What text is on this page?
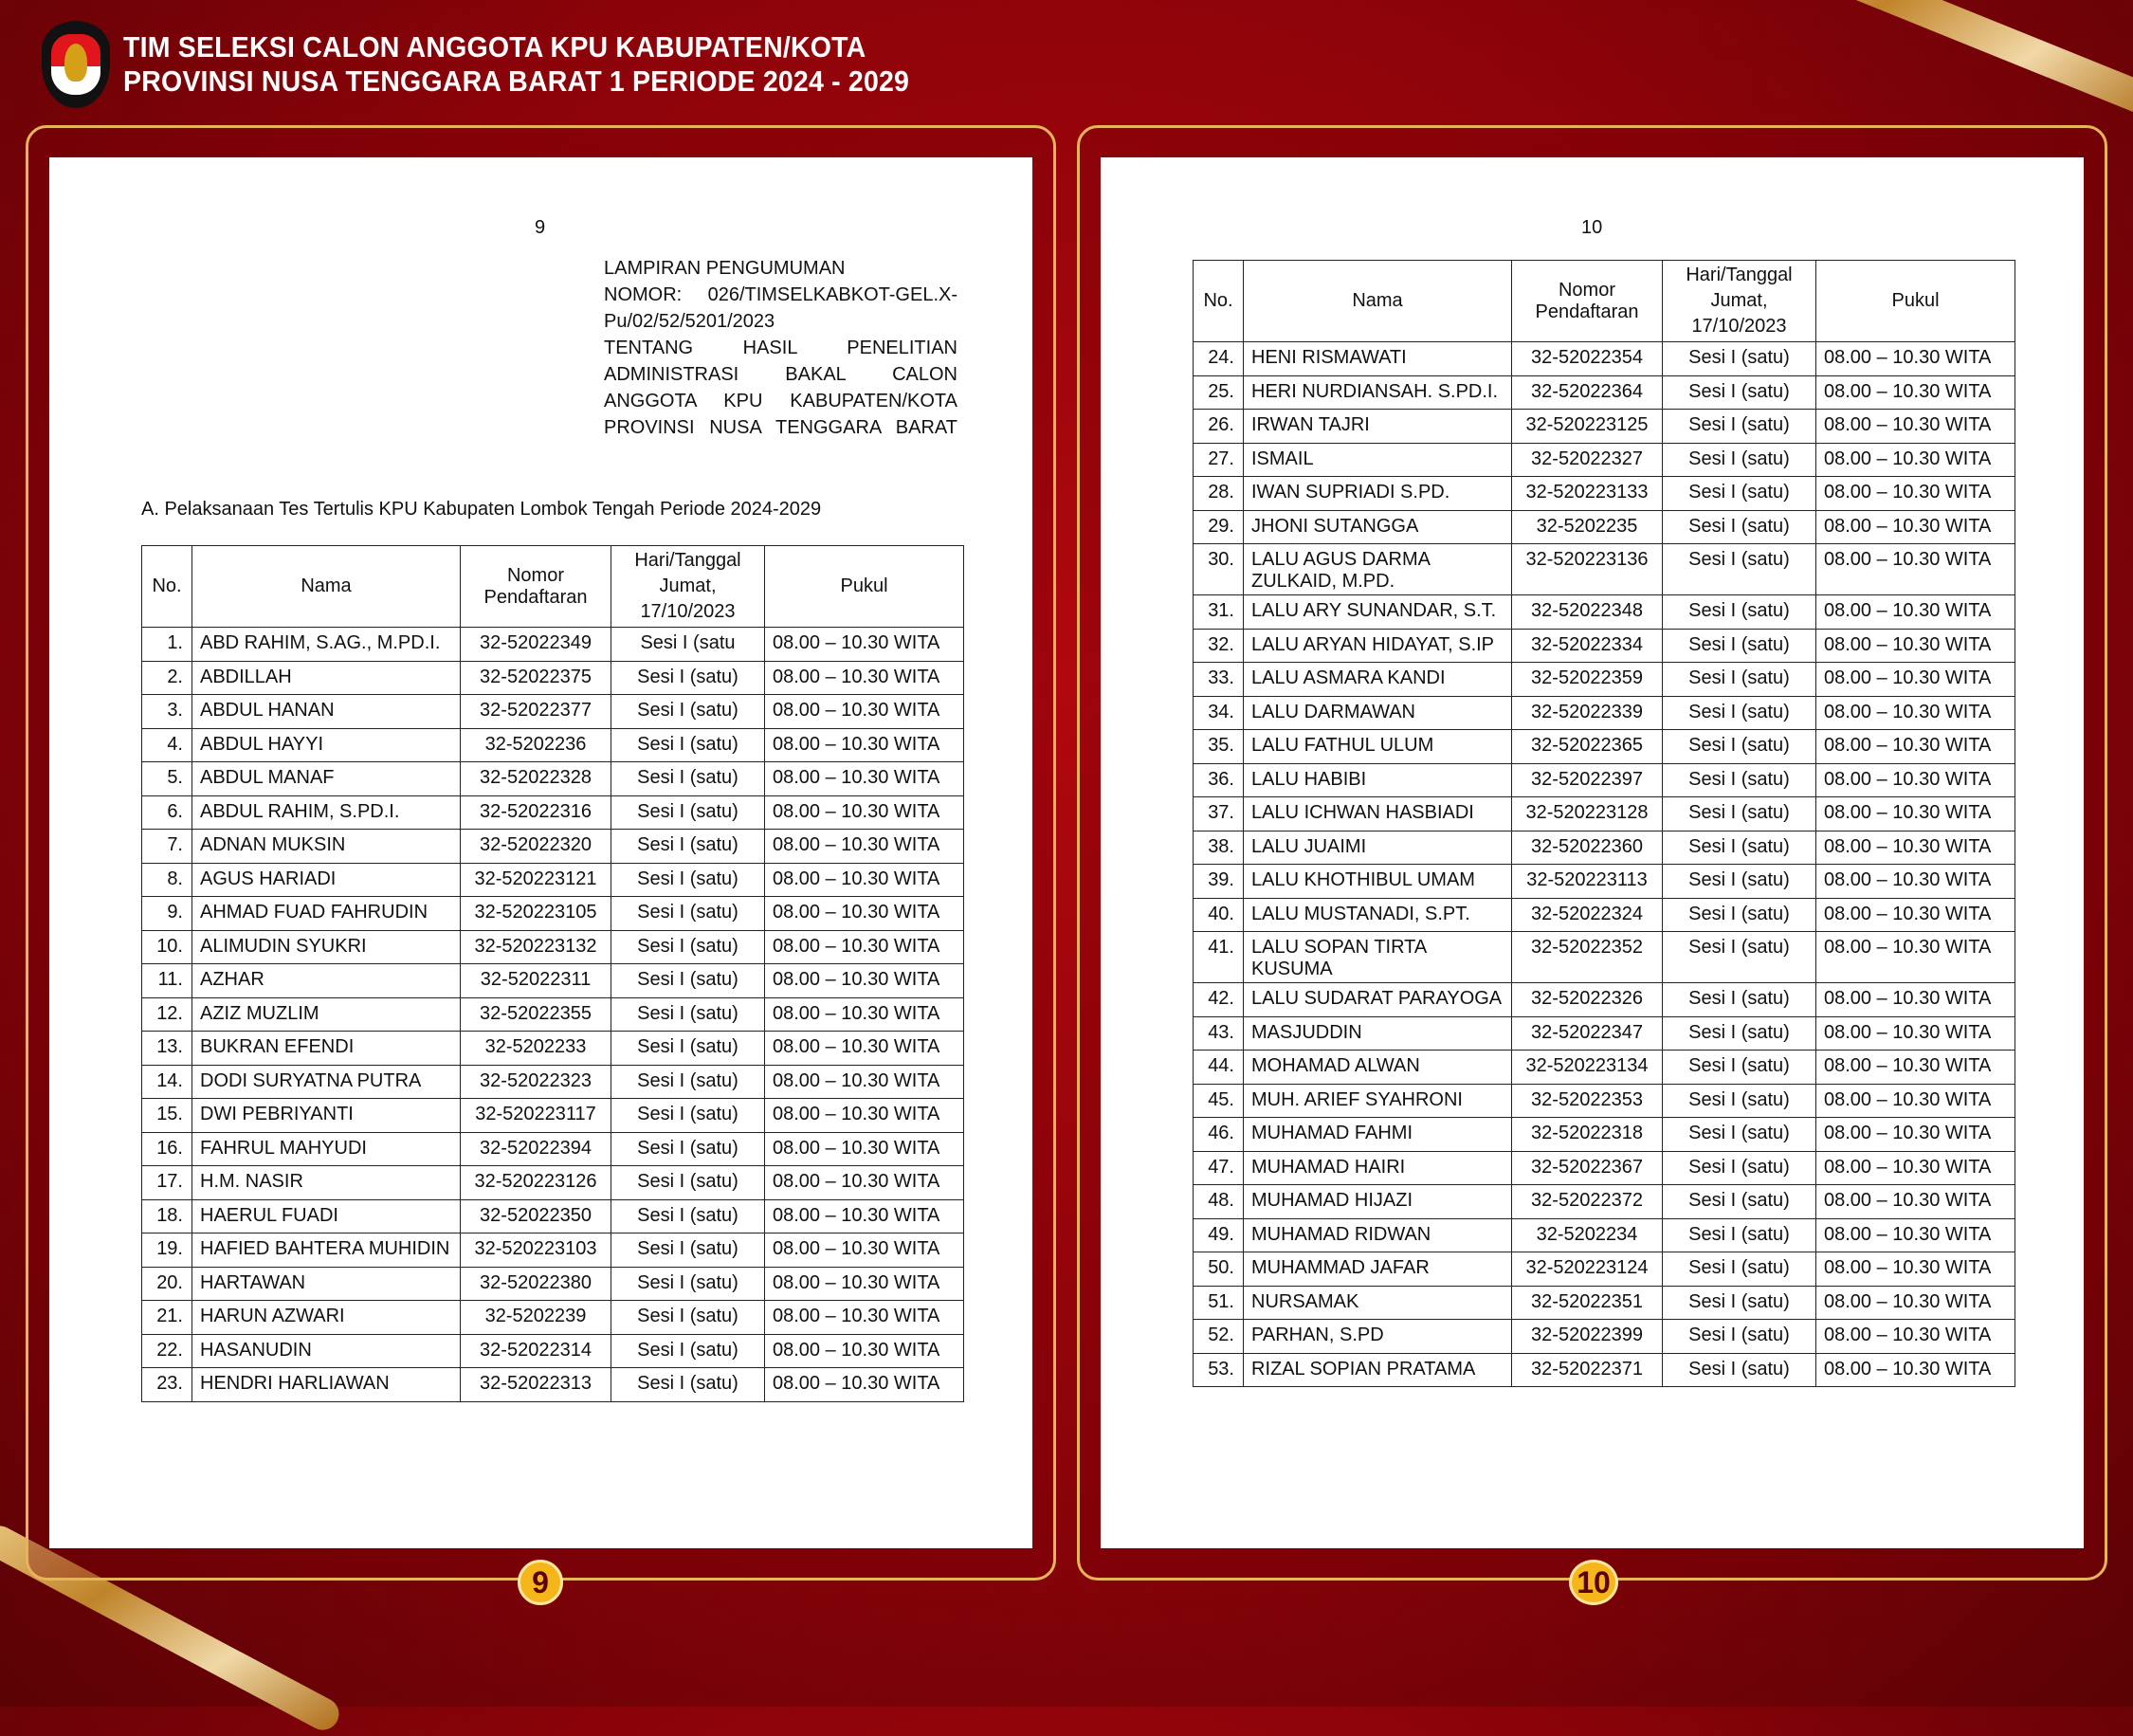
TIM SELEKSI CALON ANGGOTA KPU KABUPATEN/KOTA
PROVINSI NUSA TENGGARA BARAT 1 PERIODE 2024 - 2029
9
LAMPIRAN PENGUMUMAN
NOMOR: 026/TIMSELKABKOT-GEL.X-
Pu/02/52/5201/2023
TENTANG HASIL PENELITIAN
ADMINISTRASI BAKAL CALON
ANGGOTA KPU KABUPATEN/KOTA
PROVINSI NUSA TENGGARA BARAT
A. Pelaksanaan Tes Tertulis KPU Kabupaten Lombok Tengah Periode 2024-2029
No.	Nama	Nomor Pendaftaran	Hari/Tanggal Jumat, 17/10/2023	Pukul
1.	ABD RAHIM, S.AG., M.PD.I.	32-52022349	Sesi I (satu	08.00 – 10.30 WITA
2.	ABDILLAH	32-52022375	Sesi I (satu)	08.00 – 10.30 WITA
3.	ABDUL HANAN	32-52022377	Sesi I (satu)	08.00 – 10.30 WITA
4.	ABDUL HAYYI	32-5202236	Sesi I (satu)	08.00 – 10.30 WITA
5.	ABDUL MANAF	32-52022328	Sesi I (satu)	08.00 – 10.30 WITA
6.	ABDUL RAHIM, S.PD.I.	32-52022316	Sesi I (satu)	08.00 – 10.30 WITA
7.	ADNAN MUKSIN	32-52022320	Sesi I (satu)	08.00 – 10.30 WITA
8.	AGUS HARIADI	32-520223121	Sesi I (satu)	08.00 – 10.30 WITA
9.	AHMAD FUAD FAHRUDIN	32-520223105	Sesi I (satu)	08.00 – 10.30 WITA
10.	ALIMUDIN SYUKRI	32-520223132	Sesi I (satu)	08.00 – 10.30 WITA
11.	AZHAR	32-52022311	Sesi I (satu)	08.00 – 10.30 WITA
12.	AZIZ MUZLIM	32-52022355	Sesi I (satu)	08.00 – 10.30 WITA
13.	BUKRAN EFENDI	32-5202233	Sesi I (satu)	08.00 – 10.30 WITA
14.	DODI SURYATNA PUTRA	32-52022323	Sesi I (satu)	08.00 – 10.30 WITA
15.	DWI PEBRIYANTI	32-520223117	Sesi I (satu)	08.00 – 10.30 WITA
16.	FAHRUL MAHYUDI	32-52022394	Sesi I (satu)	08.00 – 10.30 WITA
17.	H.M. NASIR	32-520223126	Sesi I (satu)	08.00 – 10.30 WITA
18.	HAERUL FUADI	32-52022350	Sesi I (satu)	08.00 – 10.30 WITA
19.	HAFIED BAHTERA MUHIDIN	32-520223103	Sesi I (satu)	08.00 – 10.30 WITA
20.	HARTAWAN	32-52022380	Sesi I (satu)	08.00 – 10.30 WITA
21.	HARUN AZWARI	32-5202239	Sesi I (satu)	08.00 – 10.30 WITA
22.	HASANUDIN	32-52022314	Sesi I (satu)	08.00 – 10.30 WITA
23.	HENDRI HARLIAWAN	32-52022313	Sesi I (satu)	08.00 – 10.30 WITA
10
No.	Nama	Nomor Pendaftaran	Hari/Tanggal Jumat, 17/10/2023	Pukul
24.	HENI RISMAWATI	32-52022354	Sesi I (satu)	08.00 – 10.30 WITA
25.	HERI NURDIANSAH. S.PD.I.	32-52022364	Sesi I (satu)	08.00 – 10.30 WITA
26.	IRWAN TAJRI	32-520223125	Sesi I (satu)	08.00 – 10.30 WITA
27.	ISMAIL	32-52022327	Sesi I (satu)	08.00 – 10.30 WITA
28.	IWAN SUPRIADI S.PD.	32-520223133	Sesi I (satu)	08.00 – 10.30 WITA
29.	JHONI SUTANGGA	32-5202235	Sesi I (satu)	08.00 – 10.30 WITA
30.	LALU AGUS DARMA ZULKAID, M.PD.	32-520223136	Sesi I (satu)	08.00 – 10.30 WITA
31.	LALU ARY SUNANDAR, S.T.	32-52022348	Sesi I (satu)	08.00 – 10.30 WITA
32.	LALU ARYAN HIDAYAT, S.IP	32-52022334	Sesi I (satu)	08.00 – 10.30 WITA
33.	LALU ASMARA KANDI	32-52022359	Sesi I (satu)	08.00 – 10.30 WITA
34.	LALU DARMAWAN	32-52022339	Sesi I (satu)	08.00 – 10.30 WITA
35.	LALU FATHUL ULUM	32-52022365	Sesi I (satu)	08.00 – 10.30 WITA
36.	LALU HABIBI	32-52022397	Sesi I (satu)	08.00 – 10.30 WITA
37.	LALU ICHWAN HASBIADI	32-520223128	Sesi I (satu)	08.00 – 10.30 WITA
38.	LALU JUAIMI	32-52022360	Sesi I (satu)	08.00 – 10.30 WITA
39.	LALU KHOTHIBUL UMAM	32-520223113	Sesi I (satu)	08.00 – 10.30 WITA
40.	LALU MUSTANADI, S.PT.	32-52022324	Sesi I (satu)	08.00 – 10.30 WITA
41.	LALU SOPAN TIRTA KUSUMA	32-52022352	Sesi I (satu)	08.00 – 10.30 WITA
42.	LALU SUDARAT PARAYOGA	32-52022326	Sesi I (satu)	08.00 – 10.30 WITA
43.	MASJUDDIN	32-52022347	Sesi I (satu)	08.00 – 10.30 WITA
44.	MOHAMAD ALWAN	32-520223134	Sesi I (satu)	08.00 – 10.30 WITA
45.	MUH. ARIEF SYAHRONI	32-52022353	Sesi I (satu)	08.00 – 10.30 WITA
46.	MUHAMAD FAHMI	32-52022318	Sesi I (satu)	08.00 – 10.30 WITA
47.	MUHAMAD HAIRI	32-52022367	Sesi I (satu)	08.00 – 10.30 WITA
48.	MUHAMAD HIJAZI	32-52022372	Sesi I (satu)	08.00 – 10.30 WITA
49.	MUHAMAD RIDWAN	32-5202234	Sesi I (satu)	08.00 – 10.30 WITA
50.	MUHAMMAD JAFAR	32-520223124	Sesi I (satu)	08.00 – 10.30 WITA
51.	NURSAMAK	32-52022351	Sesi I (satu)	08.00 – 10.30 WITA
52.	PARHAN, S.PD	32-52022399	Sesi I (satu)	08.00 – 10.30 WITA
53.	RIZAL SOPIAN PRATAMA	32-52022371	Sesi I (satu)	08.00 – 10.30 WITA
9	10
